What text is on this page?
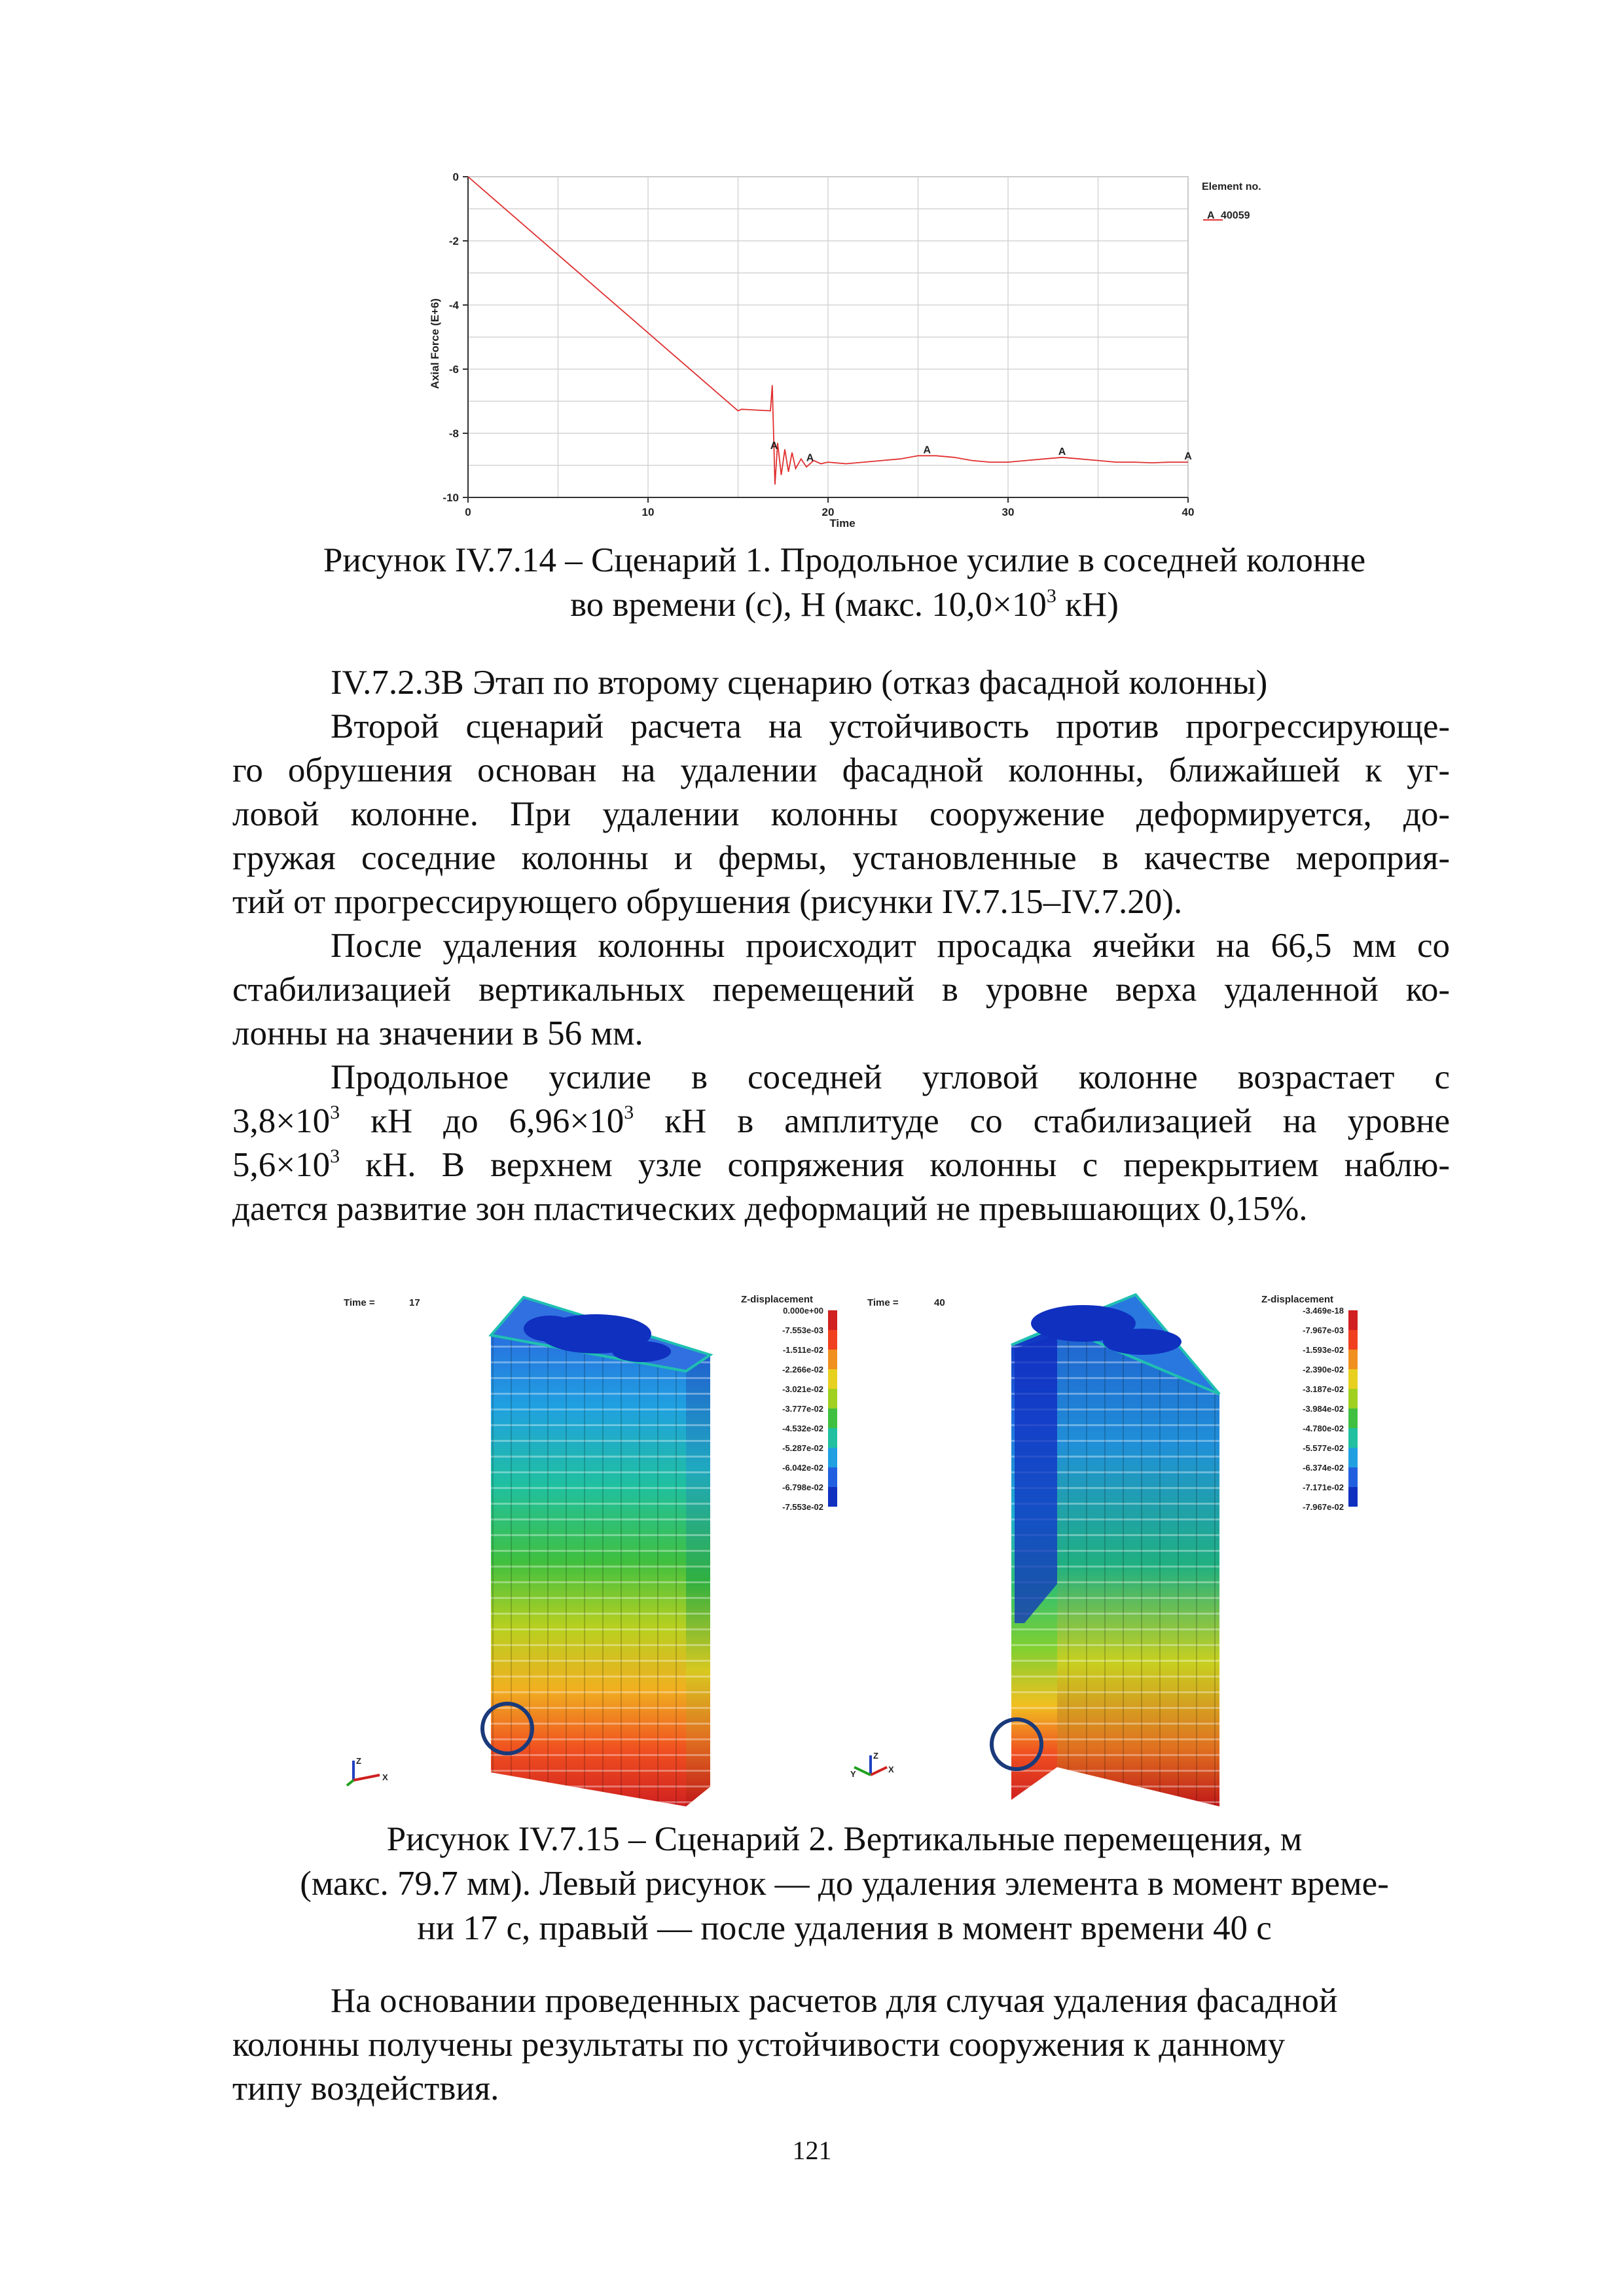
0	10	20	30	40
0
-2
-4
-6
-8
-10
Time
Axial Force (E+6)
A
A
A	A	A
Element no.
A 40059

Рисунок IV.7.14 – Сценарий 1. Продольное усилие в соседней колонне

во времени (с), Н (макс. $10,0\times 10^3$ кН)

IV.7.2.3В Этап по второму сценарию (отказ фасадной колонны)
Второй сценарий расчета на устойчивость против прогрессирующе-
го обрушения основан на удалении фасадной колонны, ближайшей к уг-
ловой колонне. При удалении колонны сооружение деформируется, до-
гружая соседние колонны и фермы, установленные в качестве мероприя-
тий от прогрессирующего обрушения (рисунки IV.7.15–IV.7.20).
После удаления колонны происходит просадка ячейки на 66,5 мм со
стабилизацией вертикальных перемещений в уровне верха удаленной ко-
лонны на значении в 56 мм.
Продольное усилие в соседней угловой колонне возрастает с
$3,8\times 10^3$ кН до $6,96\times 10^3$ кН в амплитуде со стабилизацией на уровне
$5,6\times 10^3$ кН. В верхнем узле сопряжения колонны с перекрытием наблю-
дается развитие зон пластических деформаций не превышающих 0,15%.
Time =	17	Z-displacement
0.000e+00
-7.553e-03
-1.511e-02
-2.266e-02
-3.021e-02
-3.777e-02
-4.532e-02
-5.287e-02
-6.042e-02
-6.798e-02
-7.553e-02
Z
X
Time =	40	Z-displacement
-3.469e-18
-7.967e-03
-1.593e-02
-2.390e-02
-3.187e-02
-3.984e-02
-4.780e-02
-5.577e-02
-6.374e-02
-7.171e-02
-7.967e-02
Y
Z
X

Рисунок IV.7.15 – Сценарий 2. Вертикальные перемещения, м

(макс. 79.7 мм). Левый рисунок — до удаления элемента в момент време-

ни 17 с, правый — после удаления в момент времени 40 с

На основании проведенных расчетов для случая удаления фасадной
колонны получены результаты по устойчивости сооружения к данному
типу воздействия.
121
